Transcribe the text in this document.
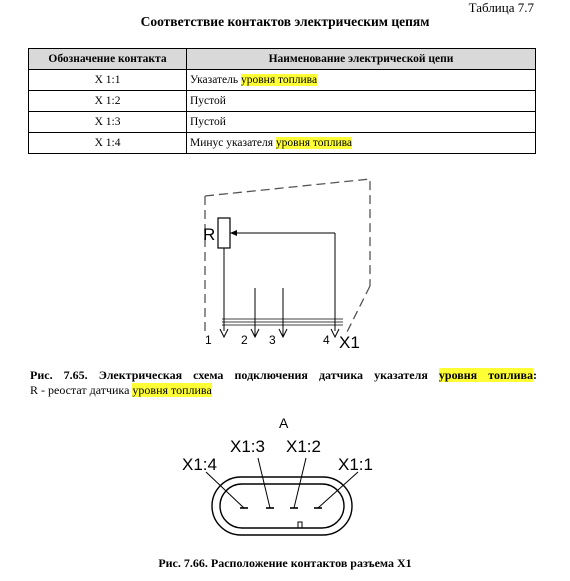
Таблица 7.7
Соответствие контактов электрическим цепям
Обозначение контакта	Наименование электрической цепи
X 1:1	Указатель уровня топлива
X 1:2	Пустой
X 1:3	Пустой
X 1:4	Минус указателя уровня топлива
R
1 2 3	4 X1
Рис. 7.65. Электрическая схема подключения датчика указателя уровня топлива:
R - реостат датчика уровня топлива
A
X1:4
X1:3 X1:2
X1:1
Рис. 7.66. Расположение контактов разъема X1
